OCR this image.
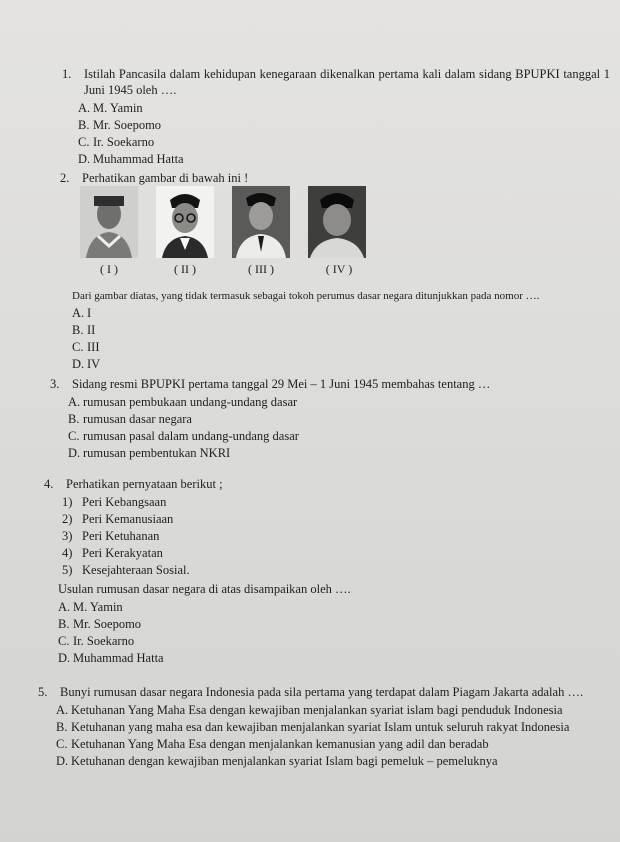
1.	Istilah Pancasila dalam kehidupan kenegaraan dikenalkan pertama kali dalam sidang BPUPKI tanggal 1 Juni 1945 oleh ….
A. M. Yamin
B. Mr. Soepomo
C. Ir. Soekarno
D. Muhammad Hatta
2.	Perhatikan gambar di bawah ini !
( I )	( II )	( III )	( IV )
Dari gambar diatas, yang tidak termasuk sebagai tokoh perumus dasar negara ditunjukkan pada nomor ….
A. I
B. II
C. III
D. IV
3.	Sidang resmi BPUPKI pertama tanggal 29 Mei – 1 Juni 1945 membahas tentang …
A. rumusan pembukaan undang-undang dasar
B. rumusan dasar negara
C. rumusan pasal dalam undang-undang dasar
D. rumusan pembentukan NKRI
4.	Perhatikan pernyataan berikut ;
1) Peri Kebangsaan
2) Peri Kemanusiaan
3) Peri Ketuhanan
4) Peri Kerakyatan
5) Kesejahteraan Sosial.
Usulan rumusan dasar negara di atas disampaikan oleh ….
A. M. Yamin
B. Mr. Soepomo
C. Ir. Soekarno
D. Muhammad Hatta
5.	Bunyi rumusan dasar negara Indonesia pada sila pertama yang terdapat dalam Piagam Jakarta adalah ….
A. Ketuhanan Yang Maha Esa dengan kewajiban menjalankan syariat islam bagi penduduk Indonesia
B. Ketuhanan yang maha esa dan kewajiban menjalankan syariat Islam untuk seluruh rakyat Indonesia
C. Ketuhanan Yang Maha Esa dengan menjalankan kemanusian yang adil dan beradab
D. Ketuhanan dengan kewajiban menjalankan syariat Islam bagi pemeluk – pemeluknya
